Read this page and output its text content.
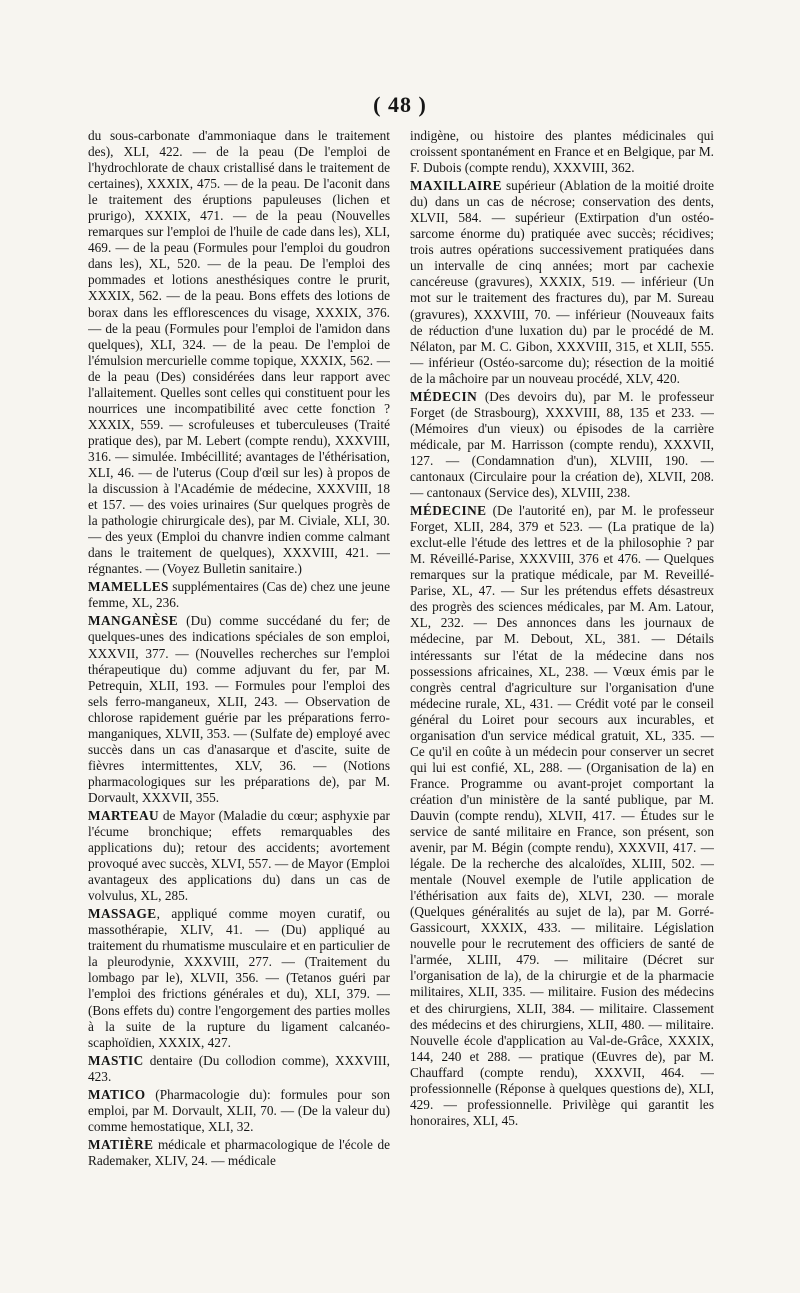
( 48 )

du sous-carbonate d'ammoniaque dans le traitement des), XLI, 422. — de la peau (De l'emploi de l'hydrochlorate de chaux cristallisé dans le traitement de certaines), XXXIX, 475. — de la peau. De l'aconit dans le traitement des éruptions papuleuses (lichen et prurigo), XXXIX, 471. — de la peau (Nouvelles remarques sur l'emploi de l'huile de cade dans les), XLI, 469. — de la peau (Formules pour l'emploi du goudron dans les), XL, 520. — de la peau. De l'emploi des pommades et lotions anesthésiques contre le prurit, XXXIX, 562. — de la peau. Bons effets des lotions de borax dans les efflorescences du visage, XXXIX, 376. — de la peau (Formules pour l'emploi de l'amidon dans quelques), XLI, 324. — de la peau. De l'emploi de l'émulsion mercurielle comme topique, XXXIX, 562. — de la peau (Des) considérées dans leur rapport avec l'allaitement. Quelles sont celles qui constituent pour les nourrices une incompatibilité avec cette fonction ? XXXIX, 559. — scrofuleuses et tuberculeuses (Traité pratique des), par M. Lebert (compte rendu), XXXVIII, 316. — simulée. Imbécillité; avantages de l'éthérisation, XLI, 46. — de l'uterus (Coup d'œil sur les) à propos de la discussion à l'Académie de médecine, XXXVIII, 18 et 157. — des voies urinaires (Sur quelques progrès de la pathologie chirurgicale des), par M. Civiale, XLI, 30. — des yeux (Emploi du chanvre indien comme calmant dans le traitement de quelques), XXXVIII, 421. — régnantes. — (Voyez Bulletin sanitaire.)

MAMELLES supplémentaires (Cas de) chez une jeune femme, XL, 236.

MANGANÈSE (Du) comme succédané du fer; de quelques-unes des indications spéciales de son emploi, XXXVII, 377. — (Nouvelles recherches sur l'emploi thérapeutique du) comme adjuvant du fer, par M. Petrequin, XLII, 193. — Formules pour l'emploi des sels ferro-manganeux, XLII, 243. — Observation de chlorose rapidement guérie par les préparations ferro-manganiques, XLVII, 353. — (Sulfate de) employé avec succès dans un cas d'anasarque et d'ascite, suite de fièvres intermittentes, XLV, 36. — (Notions pharmacologiques sur les préparations de), par M. Dorvault, XXXVII, 355.

MARTEAU de Mayor (Maladie du cœur; asphyxie par l'écume bronchique; effets remarquables des applications du); retour des accidents; avortement provoqué avec succès, XLVI, 557. — de Mayor (Emploi avantageux des applications du) dans un cas de volvulus, XL, 285.

MASSAGE, appliqué comme moyen curatif, ou massothérapie, XLIV, 41. — (Du) appliqué au traitement du rhumatisme musculaire et en particulier de la pleurodynie, XXXVIII, 277. — (Traitement du lombago par le), XLVII, 356. — (Tetanos guéri par l'emploi des frictions générales et du), XLI, 379. — (Bons effets du) contre l'engorgement des parties molles à la suite de la rupture du ligament calcanéo-scaphoïdien, XXXIX, 427.

MASTIC dentaire (Du collodion comme), XXXVIII, 423.

MATICO (Pharmacologie du): formules pour son emploi, par M. Dorvault, XLII, 70. — (De la valeur du) comme hemostatique, XLI, 32.

MATIÈRE médicale et pharmacologique de l'école de Rademaker, XLIV, 24. — médicale

indigène, ou histoire des plantes médicinales qui croissent spontanément en France et en Belgique, par M. F. Dubois (compte rendu), XXXVIII, 362.

MAXILLAIRE supérieur (Ablation de la moitié droite du) dans un cas de nécrose; conservation des dents, XLVII, 584. — supérieur (Extirpation d'un ostéo-sarcome énorme du) pratiquée avec succès; récidives; trois autres opérations successivement pratiquées dans un intervalle de cinq années; mort par cachexie cancéreuse (gravures), XXXIX, 519. — inférieur (Un mot sur le traitement des fractures du), par M. Sureau (gravures), XXXVIII, 70. — inférieur (Nouveaux faits de réduction d'une luxation du) par le procédé de M. Nélaton, par M. C. Gibon, XXXVIII, 315, et XLII, 555. — inférieur (Ostéo-sarcome du); résection de la moitié de la mâchoire par un nouveau procédé, XLV, 420.

MÉDECIN (Des devoirs du), par M. le professeur Forget (de Strasbourg), XXXVIII, 88, 135 et 233. — (Mémoires d'un vieux) ou épisodes de la carrière médicale, par M. Harrisson (compte rendu), XXXVII, 127. — (Condamnation d'un), XLVIII, 190. — cantonaux (Circulaire pour la création de), XLVII, 208. — cantonaux (Service des), XLVIII, 238.

MÉDECINE (De l'autorité en), par M. le professeur Forget, XLII, 284, 379 et 523. — (La pratique de la) exclut-elle l'étude des lettres et de la philosophie ? par M. Réveillé-Parise, XXXVIII, 376 et 476. — Quelques remarques sur la pratique médicale, par M. Reveillé-Parise, XL, 47. — Sur les prétendus effets désastreux des progrès des sciences médicales, par M. Am. Latour, XL, 232. — Des annonces dans les journaux de médecine, par M. Debout, XL, 381. — Détails intéressants sur l'état de la médecine dans nos possessions africaines, XL, 238. — Vœux émis par le congrès central d'agriculture sur l'organisation d'une médecine rurale, XL, 431. — Crédit voté par le conseil général du Loiret pour secours aux incurables, et organisation d'un service médical gratuit, XL, 335. — Ce qu'il en coûte à un médecin pour conserver un secret qui lui est confié, XL, 288. — (Organisation de la) en France. Programme ou avant-projet comportant la création d'un ministère de la santé publique, par M. Dauvin (compte rendu), XLVII, 417. — Études sur le service de santé militaire en France, son présent, son avenir, par M. Bégin (compte rendu), XXXVII, 417. — légale. De la recherche des alcaloïdes, XLIII, 502. — mentale (Nouvel exemple de l'utile application de l'éthérisation aux faits de), XLVI, 230. — morale (Quelques généralités au sujet de la), par M. Gorré-Gassicourt, XXXIX, 433. — militaire. Législation nouvelle pour le recrutement des officiers de santé de l'armée, XLIII, 479. — militaire (Décret sur l'organisation de la), de la chirurgie et de la pharmacie militaires, XLII, 335. — militaire. Fusion des médecins et des chirurgiens, XLII, 384. — militaire. Classement des médecins et des chirurgiens, XLII, 480. — militaire. Nouvelle école d'application au Val-de-Grâce, XXXIX, 144, 240 et 288. — pratique (Œuvres de), par M. Chauffard (compte rendu), XXXVII, 464. — professionnelle (Réponse à quelques questions de), XLI, 429. — professionnelle. Privilège qui garantit les honoraires, XLI, 45.
